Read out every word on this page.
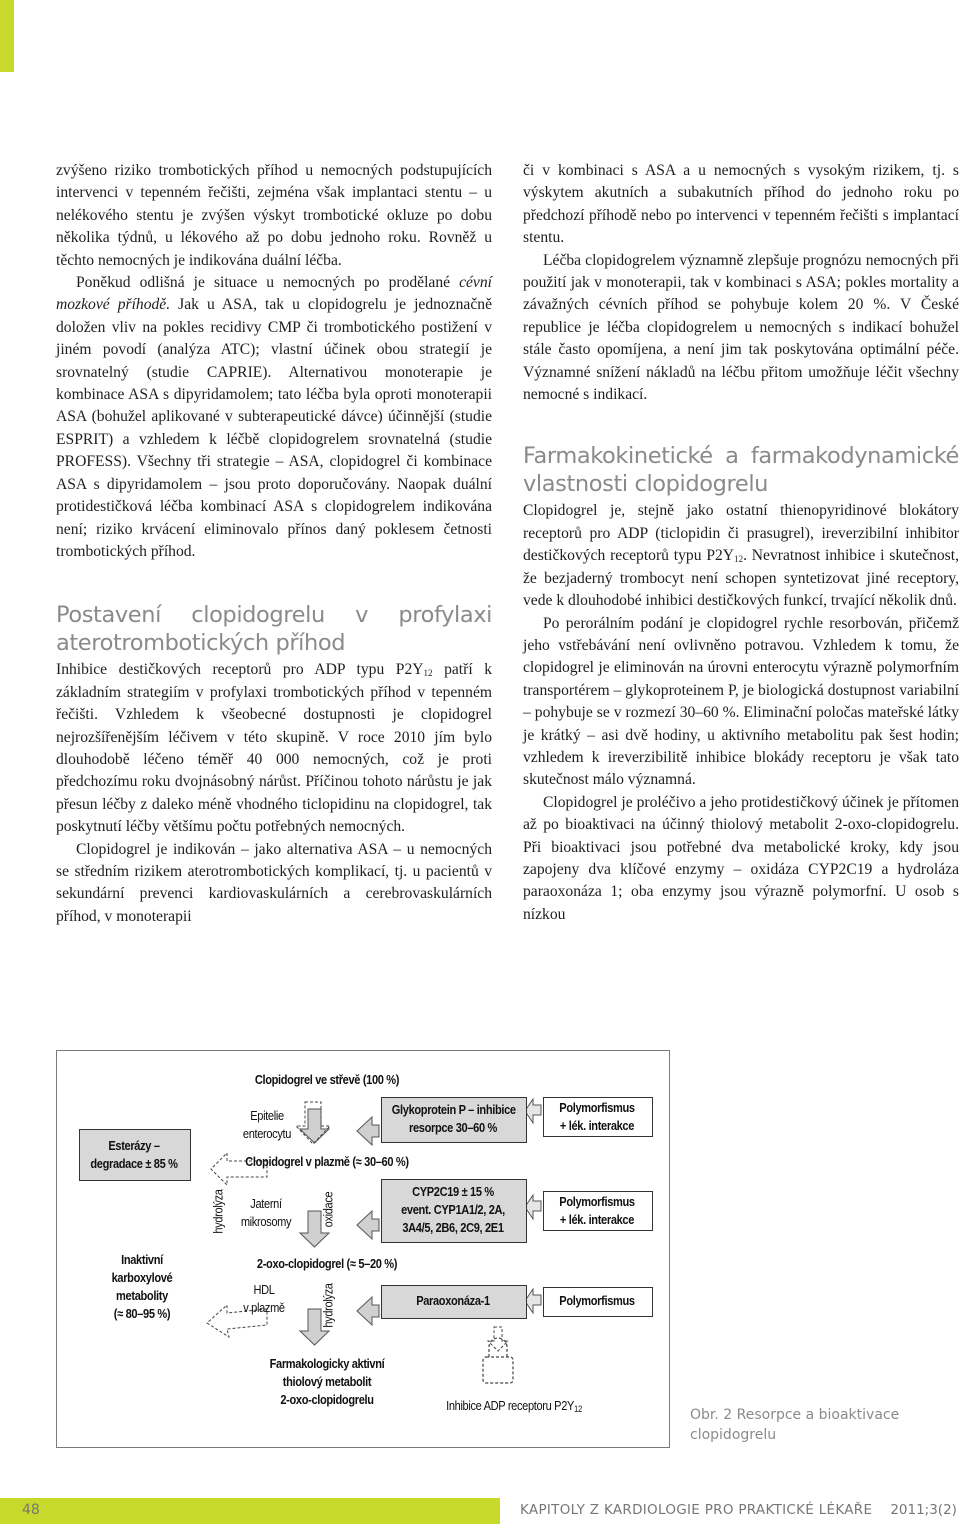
zvýšeno riziko trombotických příhod u nemocných podstupujících intervenci v tepenném řečišti, zejména však implantaci stentu – u nelékového stentu je zvýšen výskyt trombotické okluze po dobu několika týdnů, u lékového až po dobu jednoho roku. Rovněž u těchto nemocných je indikována duální léčba.

Poněkud odlišná je situace u nemocných po prodělané cévní mozkové příhodě. Jak u ASA, tak u clopidogrelu je jednoznačně doložen vliv na pokles recidivy CMP či trombotického postižení v jiném povodí (analýza ATC); vlastní účinek obou strategií je srovnatelný (studie CAPRIE). Alternativou monoterapie je kombinace ASA s dipyridamolem; tato léčba byla oproti monoterapii ASA (bohužel aplikované v subterapeutické dávce) účinnější (studie ESPRIT) a vzhledem k léčbě clopidogrelem srovnatelná (studie PROFESS). Všechny tři strategie – ASA, clopidogrel či kombinace ASA s dipyridamolem – jsou proto doporučovány. Naopak duální protidestičková léčba kombinací ASA s clopidogrelem indikována není; riziko krvácení eliminovalo přínos daný poklesem četnosti trombotických příhod.

Postavení clopidogrelu v profylaxi aterotrombotických příhod

Inhibice destičkových receptorů pro ADP typu $P2Y_{12}$ patří k základním strategiím v profylaxi trombotických příhod v tepenném řečišti. Vzhledem k všeobecné dostupnosti je clopidogrel nejrozšířenějším léčivem v této skupině. V roce 2010 jím bylo dlouhodobě léčeno téměř 40 000 nemocných, což je proti předchozímu roku dvojnásobný nárůst. Příčinou tohoto nárůstu je jak přesun léčby z daleko méně vhodného ticlopidinu na clopidogrel, tak poskytnutí léčby většímu počtu potřebných nemocných.

Clopidogrel je indikován – jako alternativa ASA – u nemocných se středním rizikem aterotrombotických komplikací, tj. u pacientů v sekundární prevenci kardiovaskulárních a cerebrovaskulárních příhod, v monoterapii

či v kombinaci s ASA a u nemocných s vysokým rizikem, tj. s výskytem akutních a subakutních příhod do jednoho roku po předchozí příhodě nebo po intervenci v tepenném řečišti s implantací stentu.

Léčba clopidogrelem významně zlepšuje prognózu nemocných při použití jak v monoterapii, tak v kombinaci s ASA; pokles mortality a závažných cévních příhod se pohybuje kolem 20 %. V České republice je léčba clopidogrelem u nemocných s indikací bohužel stále často opomíjena, a není jim tak poskytována optimální péče. Významné snížení nákladů na léčbu přitom umožňuje léčit všechny nemocné s indikací.

Farmakokinetické a farmakodynamické vlastnosti clopidogrelu

Clopidogrel je, stejně jako ostatní thienopyridinové blokátory receptorů pro ADP (ticlopidin či prasugrel), ireverzibilní inhibitor destičkových receptorů typu $P2Y_{12}$. Nevratnost inhibice i skutečnost, že bezjaderný trombocyt není schopen syntetizovat jiné receptory, vede k dlouhodobé inhibici destičkových funkcí, trvající několik dnů.

Po perorálním podání je clopidogrel rychle resorbován, přičemž jeho vstřebávání není ovlivněno potravou. Vzhledem k tomu, že clopidogrel je eliminován na úrovni enterocytu výrazně polymorfním transportérem – glykoproteinem P, je biologická dostupnost variabilní – pohybuje se v rozmezí 30–60 %. Eliminační poločas mateřské látky je krátký – asi dvě hodiny, u aktivního metabolitu pak šest hodin; vzhledem k ireverzibilitě inhibice blokády receptoru je však tato skutečnost málo významná.

Clopidogrel je proléčivo a jeho protidestičkový účinek je přítomen až po bioaktivaci na účinný thiolový metabolit 2-oxo-clopidogrelu. Při bioaktivaci jsou potřebné dva metabolické kroky, kdy jsou zapojeny dva klíčové enzymy – oxidáza CYP2C19 a hydroláza paraoxonáza 1; oba enzymy jsou výrazně polymorfní. U osob s nízkou

Clopidogrel ve střevě (100 %)
Epitelie
enterocytu
Clopidogrel v plazmě (≈ 30–60 %)
Esterázy –
degradace ± 85 %
hydrolýza	Jaterní
mikrosomy	oxidace
Glykoprotein P – inhibice
resorpce 30–60 %
CYP2C19 ± 15 %
event. CYP1A1/2, 2A,
3A4/5, 2B6, 2C9, 2E1
Polymorfismus
+ lék. interakce
Polymorfismus
+ lék. interakce
Polymorfismus
Inaktivní
karboxylové
metabolity
(≈ 80–95 %)
2-oxo-clopidogrel (≈ 5–20 %)
HDL
v plazmě	hydrolýza	Paraoxonáza-1
Farmakologicky aktivní
thiolový metabolit
2-oxo-clopidogrelu	Inhibice ADP receptoru $P2Y_{12}$	Obr. 2 Resorpce a bioaktivace clopidogrelu
48	KAPITOLY Z KARDIOLOGIE PRO PRAKTICKÉ LÉKAŘE 2011;3(2)
